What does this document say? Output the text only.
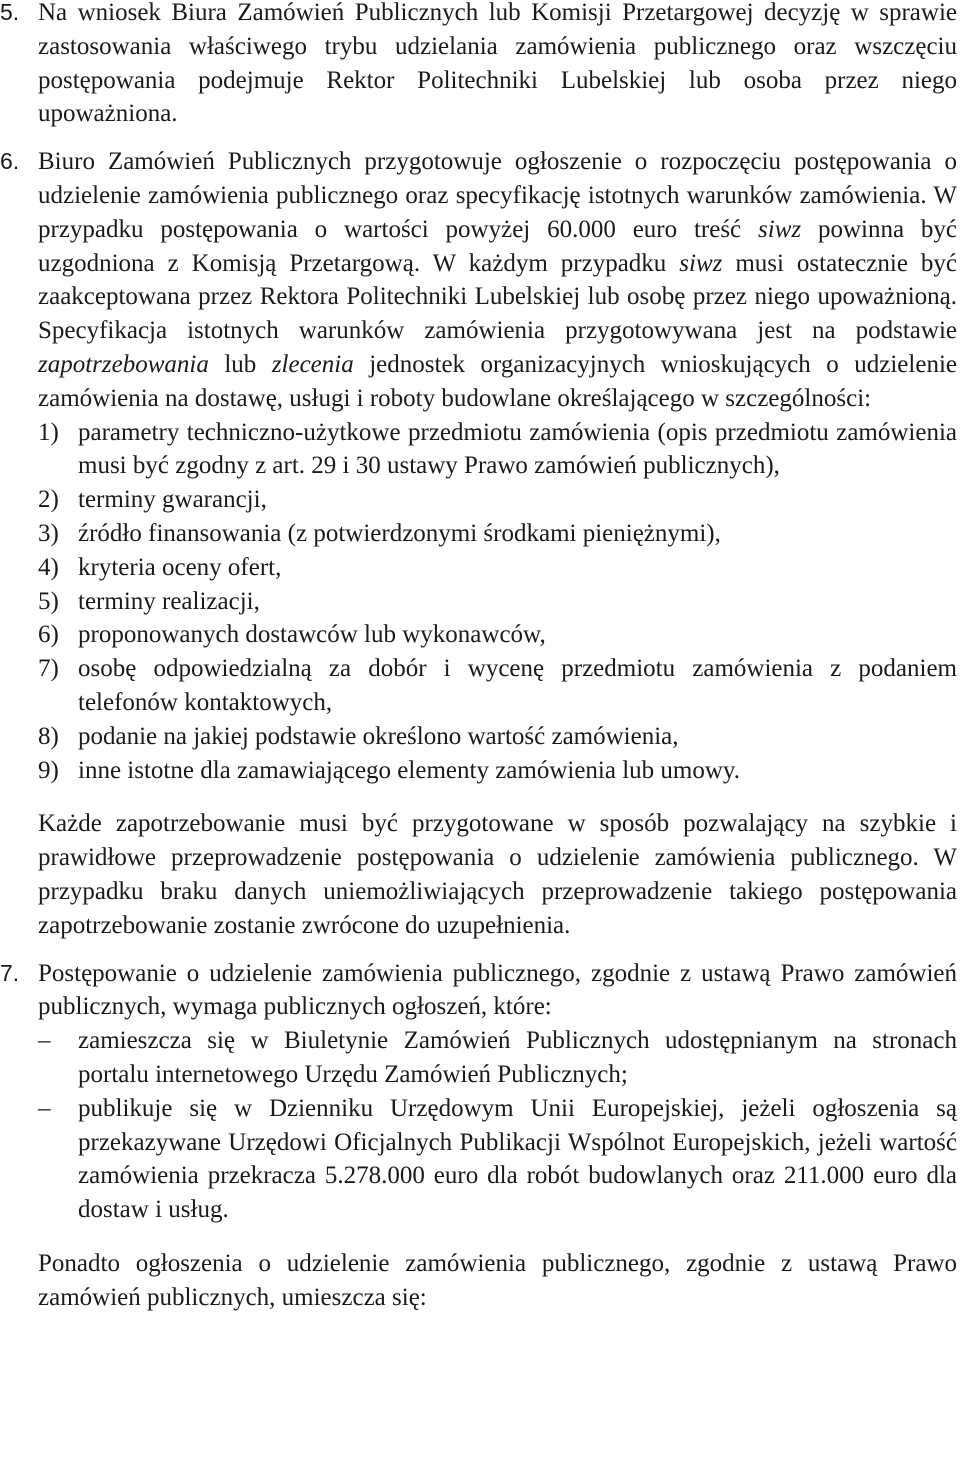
5. Na wniosek Biura Zamówień Publicznych lub Komisji Przetargowej decyzję w sprawie zastosowania właściwego trybu udzielania zamówienia publicznego oraz wszczęciu postępowania podejmuje Rektor Politechniki Lubelskiej lub osoba przez niego upoważniona.
6. Biuro Zamówień Publicznych przygotowuje ogłoszenie o rozpoczęciu postępowania o udzielenie zamówienia publicznego oraz specyfikację istotnych warunków zamówienia. W przypadku postępowania o wartości powyżej 60.000 euro treść siwz powinna być uzgodniona z Komisją Przetargową. W każdym przypadku siwz musi ostatecznie być zaakceptowana przez Rektora Politechniki Lubelskiej lub osobę przez niego upoważnioną. Specyfikacja istotnych warunków zamówienia przygotowywana jest na podstawie zapotrzebowania lub zlecenia jednostek organizacyjnych wnioskujących o udzielenie zamówienia na dostawę, usługi i roboty budowlane określającego w szczególności:
1) parametry techniczno-użytkowe przedmiotu zamówienia (opis przedmiotu zamówienia musi być zgodny z art. 29 i 30 ustawy Prawo zamówień publicznych),
2) terminy gwarancji,
3) źródło finansowania (z potwierdzonymi środkami pieniężnymi),
4) kryteria oceny ofert,
5) terminy realizacji,
6) proponowanych dostawców lub wykonawców,
7) osobę odpowiedzialną za dobór i wycenę przedmiotu zamówienia z podaniem telefonów kontaktowych,
8) podanie na jakiej podstawie określono wartość zamówienia,
9) inne istotne dla zamawiającego elementy zamówienia lub umowy.
Każde zapotrzebowanie musi być przygotowane w sposób pozwalający na szybkie i prawidłowe przeprowadzenie postępowania o udzielenie zamówienia publicznego. W przypadku braku danych uniemożliwiających przeprowadzenie takiego postępowania zapotrzebowanie zostanie zwrócone do uzupełnienia.
7. Postępowanie o udzielenie zamówienia publicznego, zgodnie z ustawą Prawo zamówień publicznych, wymaga publicznych ogłoszeń, które:
– zamieszcza się w Biuletynie Zamówień Publicznych udostępnianym na stronach portalu internetowego Urzędu Zamówień Publicznych;
– publikuje się w Dzienniku Urzędowym Unii Europejskiej, jeżeli ogłoszenia są przekazywane Urzędowi Oficjalnych Publikacji Wspólnot Europejskich, jeżeli wartość zamówienia przekracza 5.278.000 euro dla robót budowlanych oraz 211.000 euro dla dostaw i usług.
Ponadto ogłoszenia o udzielenie zamówienia publicznego, zgodnie z ustawą Prawo zamówień publicznych, umieszcza się:
